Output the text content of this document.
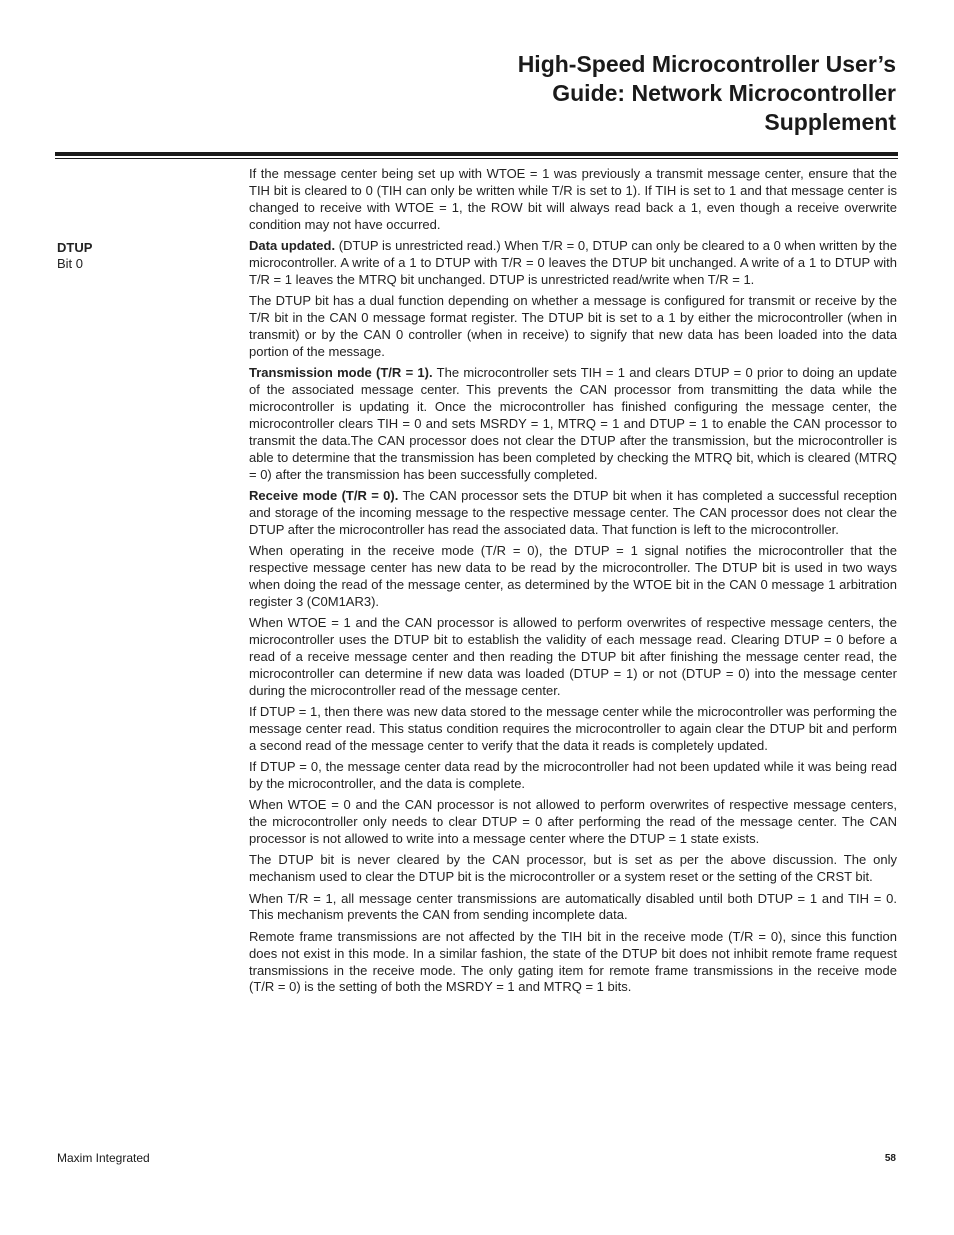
High-Speed Microcontroller User’s
Guide: Network Microcontroller
Supplement
DTUP
Bit 0

If the message center being set up with WTOE = 1 was previously a transmit message center, ensure that the TIH bit is cleared to 0 (TIH can only be written while T/R is set to 1). If TIH is set to 1 and that message center is changed to receive with WTOE = 1, the ROW bit will always read back a 1, even though a receive overwrite condition may not have occurred.

Data updated. (DTUP is unrestricted read.) When T/R = 0, DTUP can only be cleared to a 0 when written by the microcontroller. A write of a 1 to DTUP with T/R = 0 leaves the DTUP bit unchanged. A write of a 1 to DTUP with T/R = 1 leaves the MTRQ bit unchanged. DTUP is unrestricted read/write when T/R = 1.

The DTUP bit has a dual function depending on whether a message is configured for transmit or receive by the T/R bit in the CAN 0 message format register. The DTUP bit is set to a 1 by either the microcontroller (when in transmit) or by the CAN 0 controller (when in receive) to signify that new data has been loaded into the data portion of the message.

Transmission mode (T/R = 1). The microcontroller sets TIH = 1 and clears DTUP = 0 prior to doing an update of the associated message center. This prevents the CAN processor from transmitting the data while the microcontroller is updating it. Once the microcontroller has finished configuring the message center, the microcontroller clears TIH = 0 and sets MSRDY = 1, MTRQ = 1 and DTUP = 1 to enable the CAN processor to transmit the data.The CAN processor does not clear the DTUP after the transmission, but the microcontroller is able to determine that the transmission has been completed by checking the MTRQ bit, which is cleared (MTRQ = 0) after the transmission has been successfully completed.

Receive mode (T/R = 0). The CAN processor sets the DTUP bit when it has completed a successful reception and storage of the incoming message to the respective message center. The CAN processor does not clear the DTUP after the microcontroller has read the associated data. That function is left to the microcontroller.

When operating in the receive mode (T/R = 0), the DTUP = 1 signal notifies the microcontroller that the respective message center has new data to be read by the microcontroller. The DTUP bit is used in two ways when doing the read of the message center, as determined by the WTOE bit in the CAN 0 message 1 arbitration register 3 (C0M1AR3).

When WTOE = 1 and the CAN processor is allowed to perform overwrites of respective message centers, the microcontroller uses the DTUP bit to establish the validity of each message read. Clearing DTUP = 0 before a read of a receive message center and then reading the DTUP bit after finishing the message center read, the microcontroller can determine if new data was loaded (DTUP = 1) or not (DTUP = 0) into the message center during the microcontroller read of the message center.

If DTUP = 1, then there was new data stored to the message center while the microcontroller was performing the message center read. This status condition requires the microcontroller to again clear the DTUP bit and perform a second read of the message center to verify that the data it reads is completely updated.

If DTUP = 0, the message center data read by the microcontroller had not been updated while it was being read by the microcontroller, and the data is complete.

When WTOE = 0 and the CAN processor is not allowed to perform overwrites of respective message centers, the microcontroller only needs to clear DTUP = 0 after performing the read of the message center. The CAN processor is not allowed to write into a message center where the DTUP = 1 state exists.

The DTUP bit is never cleared by the CAN processor, but is set as per the above discussion. The only mechanism used to clear the DTUP bit is the microcontroller or a system reset or the setting of the CRST bit.

When T/R = 1, all message center transmissions are automatically disabled until both DTUP = 1 and TIH = 0. This mechanism prevents the CAN from sending incomplete data.

Remote frame transmissions are not affected by the TIH bit in the receive mode (T/R = 0), since this function does not exist in this mode. In a similar fashion, the state of the DTUP bit does not inhibit remote frame request transmissions in the receive mode. The only gating item for remote frame transmissions in the receive mode (T/R = 0) is the setting of both the MSRDY = 1 and MTRQ = 1 bits.

Maxim Integrated	58
